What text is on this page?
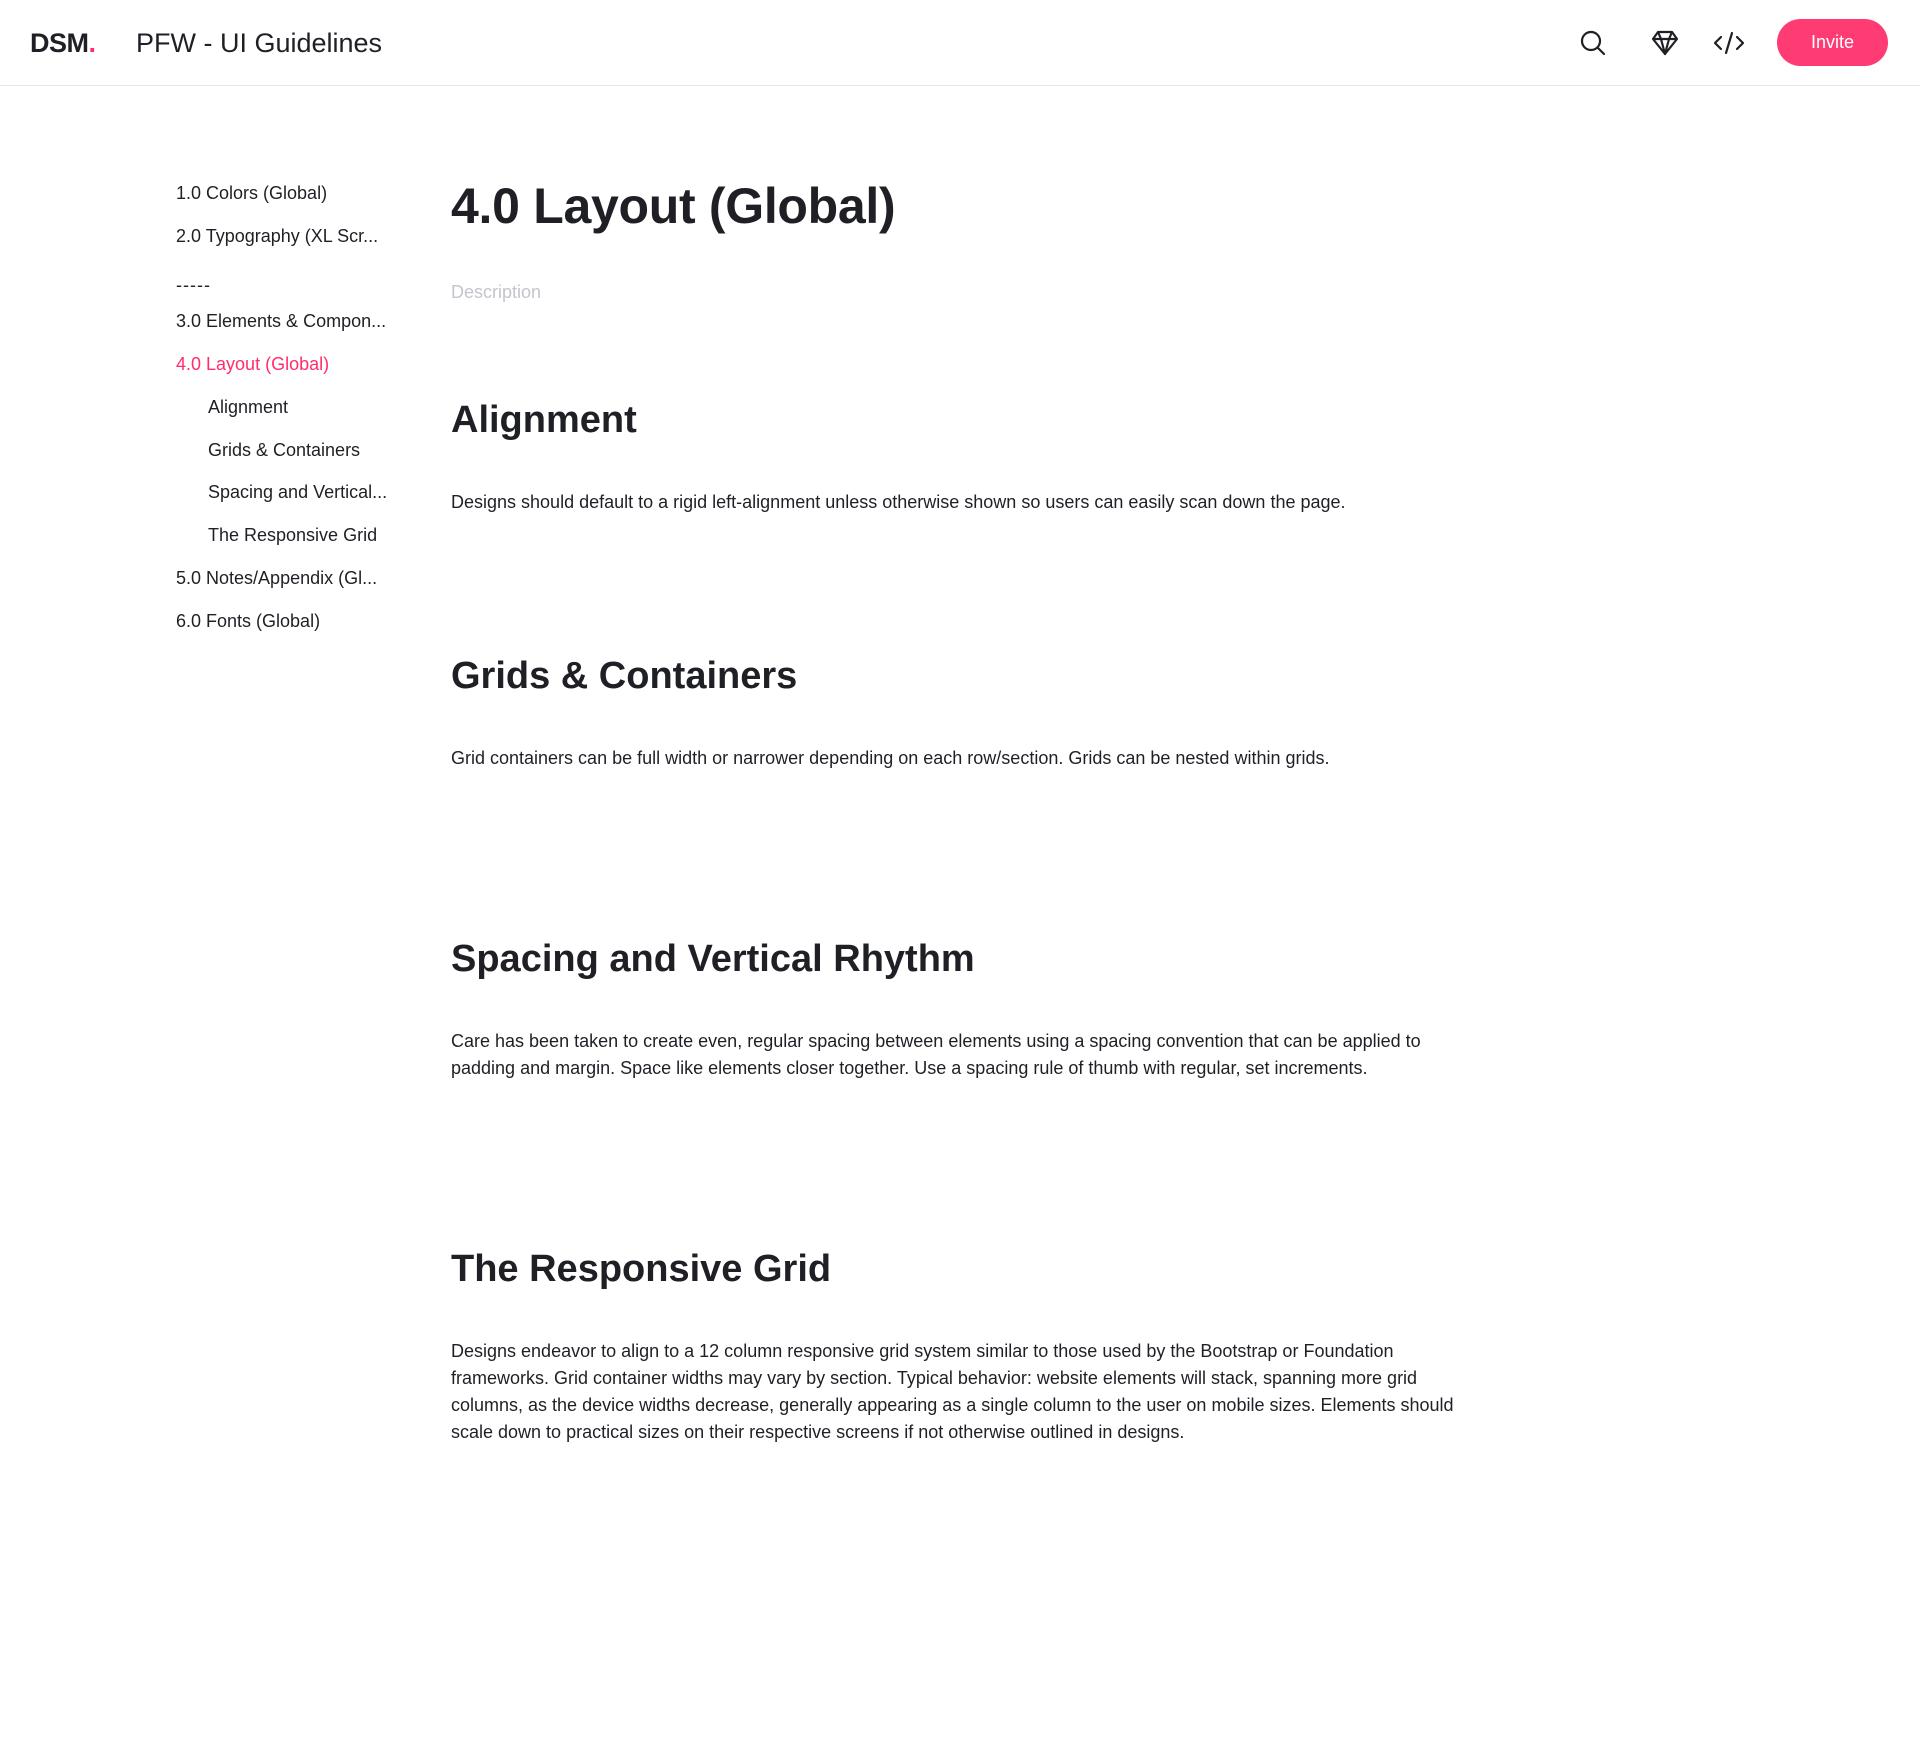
DSM. PFW - UI Guidelines	Invite
1.0 Colors (Global)
2.0 Typography (XL Scr...
-----
3.0 Elements & Compon...
4.0 Layout (Global)
Alignment
Grids & Containers
Spacing and Vertical...
The Responsive Grid
5.0 Notes/Appendix (Gl...
6.0 Fonts (Global)
4.0 Layout (Global)
Description
Alignment

Designs should default to a rigid left-alignment unless otherwise shown so users can easily scan down the page.

Grids & Containers

Grid containers can be full width or narrower depending on each row/section. Grids can be nested within grids.

Spacing and Vertical Rhythm

Care has been taken to create even, regular spacing between elements using a spacing convention that can be applied to padding and margin. Space like elements closer together. Use a spacing rule of thumb with regular, set increments.

The Responsive Grid

Designs endeavor to align to a 12 column responsive grid system similar to those used by the Bootstrap or Foundation frameworks. Grid container widths may vary by section. Typical behavior: website elements will stack, spanning more grid columns, as the device widths decrease, generally appearing as a single column to the user on mobile sizes. Elements should scale down to practical sizes on their respective screens if not otherwise outlined in designs.
